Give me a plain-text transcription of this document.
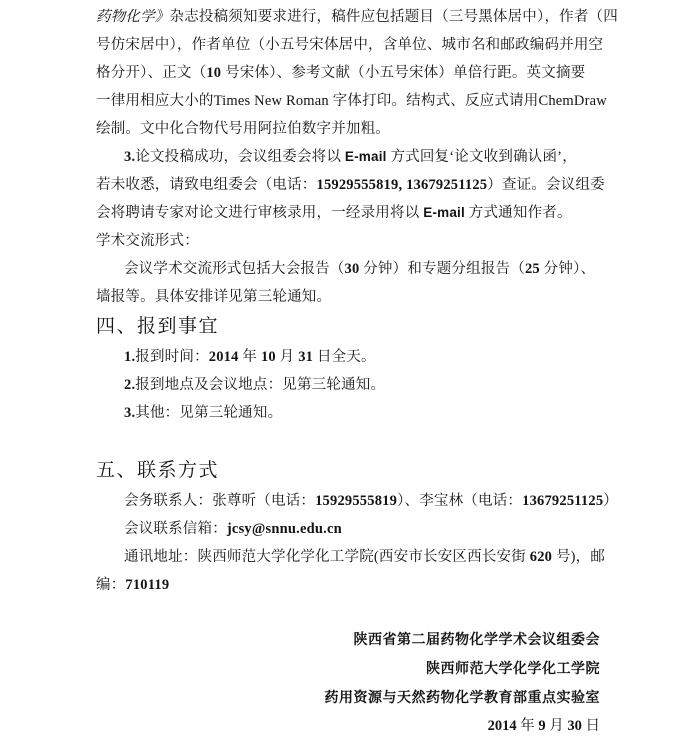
药物化学》杂志投稿须知要求进行，稿件应包括题目（三号黑体居中），作者（四
号仿宋居中），作者单位（小五号宋体居中，含单位、城市名和邮政编码并用空
格分开）、正文（10 号宋体）、参考文献（小五号宋体）单倍行距。英文摘要
一律用相应大小的Times New Roman 字体打印。结构式、反应式请用ChemDraw
绘制。文中化合物代号用阿拉伯数字并加粗。
3.论文投稿成功，会议组委会将以 E-mail 方式回复‘论文收到确认函’，
若未收悉，请致电组委会（电话：15929555819, 13679251125）查证。会议组委
会将聘请专家对论文进行审核录用，一经录用将以 E-mail 方式通知作者。
学术交流形式：
会议学术交流形式包括大会报告（30 分钟）和专题分组报告（25 分钟）、
墙报等。具体安排详见第三轮通知。
四、报到事宜
1.报到时间：2014 年 10 月 31 日全天。
2.报到地点及会议地点：见第三轮通知。
3.其他：见第三轮通知。
五、联系方式
会务联系人：张尊听（电话：15929555819）、李宝林（电话：13679251125）
会议联系信箱：jcsy@snnu.edu.cn
通讯地址：陕西师范大学化学化工学院(西安市长安区西长安街 620 号)，邮
编：710119
陕西省第二届药物化学学术会议组委会
陕西师范大学化学化工学院
药用资源与天然药物化学教育部重点实验室
2014 年 9 月 30 日
